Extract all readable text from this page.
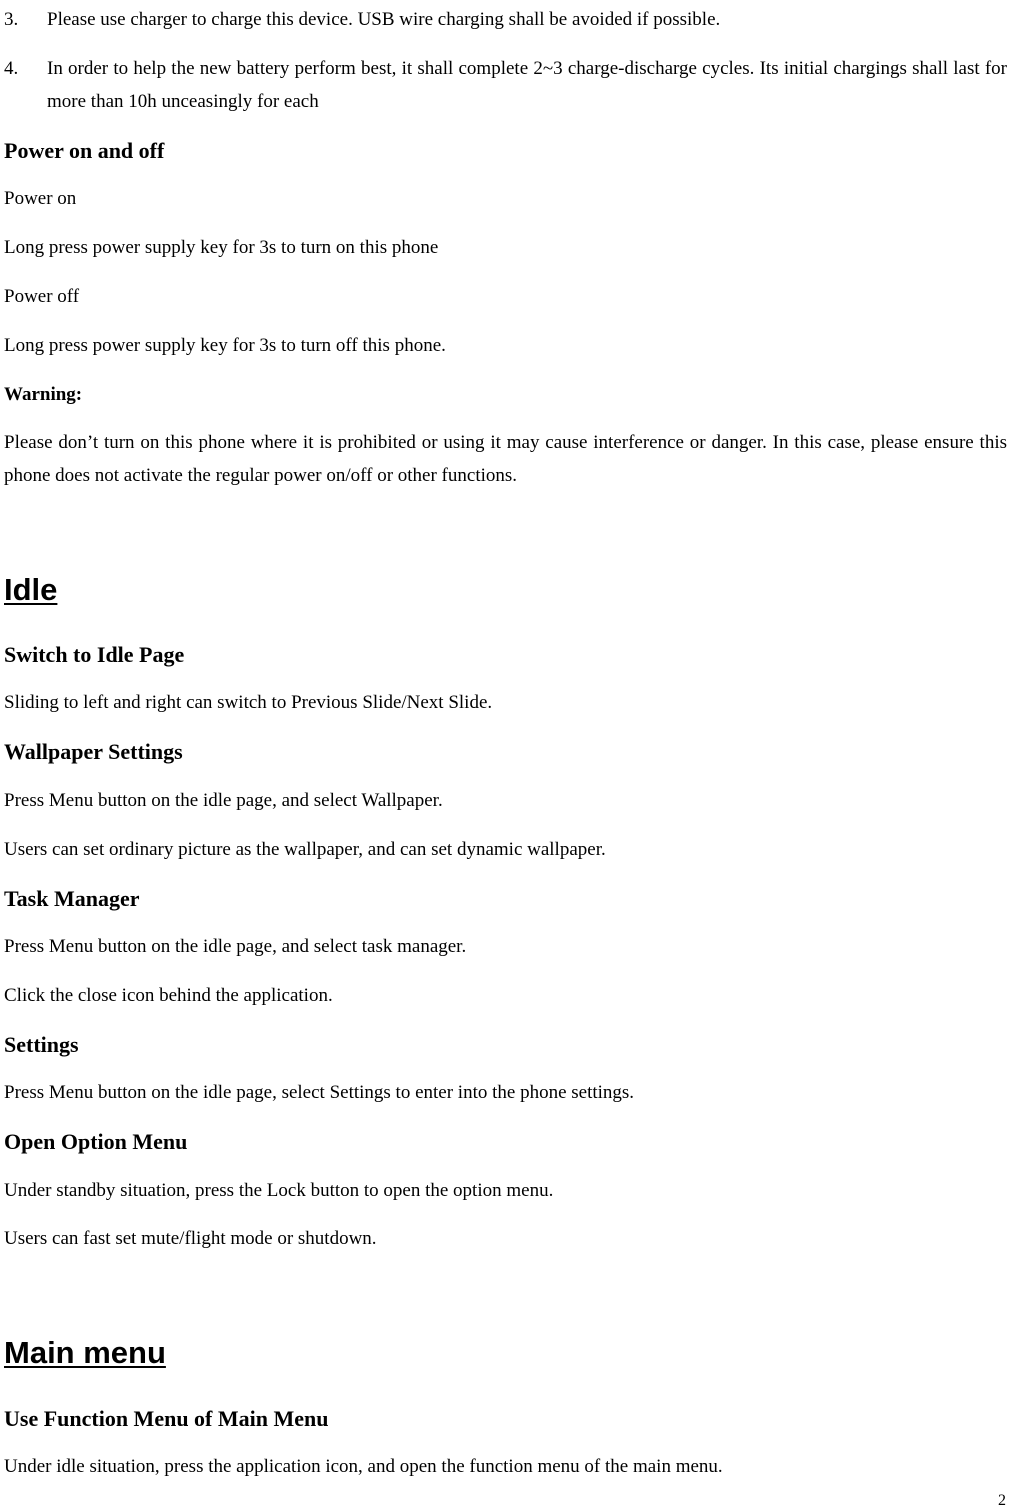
3.	Please use charger to charge this device. USB wire charging shall be avoided if possible.
4.	In order to help the new battery perform best, it shall complete 2~3 charge-discharge cycles. Its initial chargings shall last for more than 10h unceasingly for each
Power on and off
Power on
Long press power supply key for 3s to turn on this phone
Power off
Long press power supply key for 3s to turn off this phone.
Warning:
Please don’t turn on this phone where it is prohibited or using it may cause interference or danger. In this case, please ensure this phone does not activate the regular power on/off or other functions.
Idle
Switch to Idle Page
Sliding to left and right can switch to Previous Slide/Next Slide.
Wallpaper Settings
Press Menu button on the idle page, and select Wallpaper.
Users can set ordinary picture as the wallpaper, and can set dynamic wallpaper.
Task Manager
Press Menu button on the idle page, and select task manager.
Click the close icon behind the application.
Settings
Press Menu button on the idle page, select Settings to enter into the phone settings.
Open Option Menu
Under standby situation, press the Lock button to open the option menu.
Users can fast set mute/flight mode or shutdown.
Main menu
Use Function Menu of Main Menu
Under idle situation, press the application icon, and open the function menu of the main menu.
2
